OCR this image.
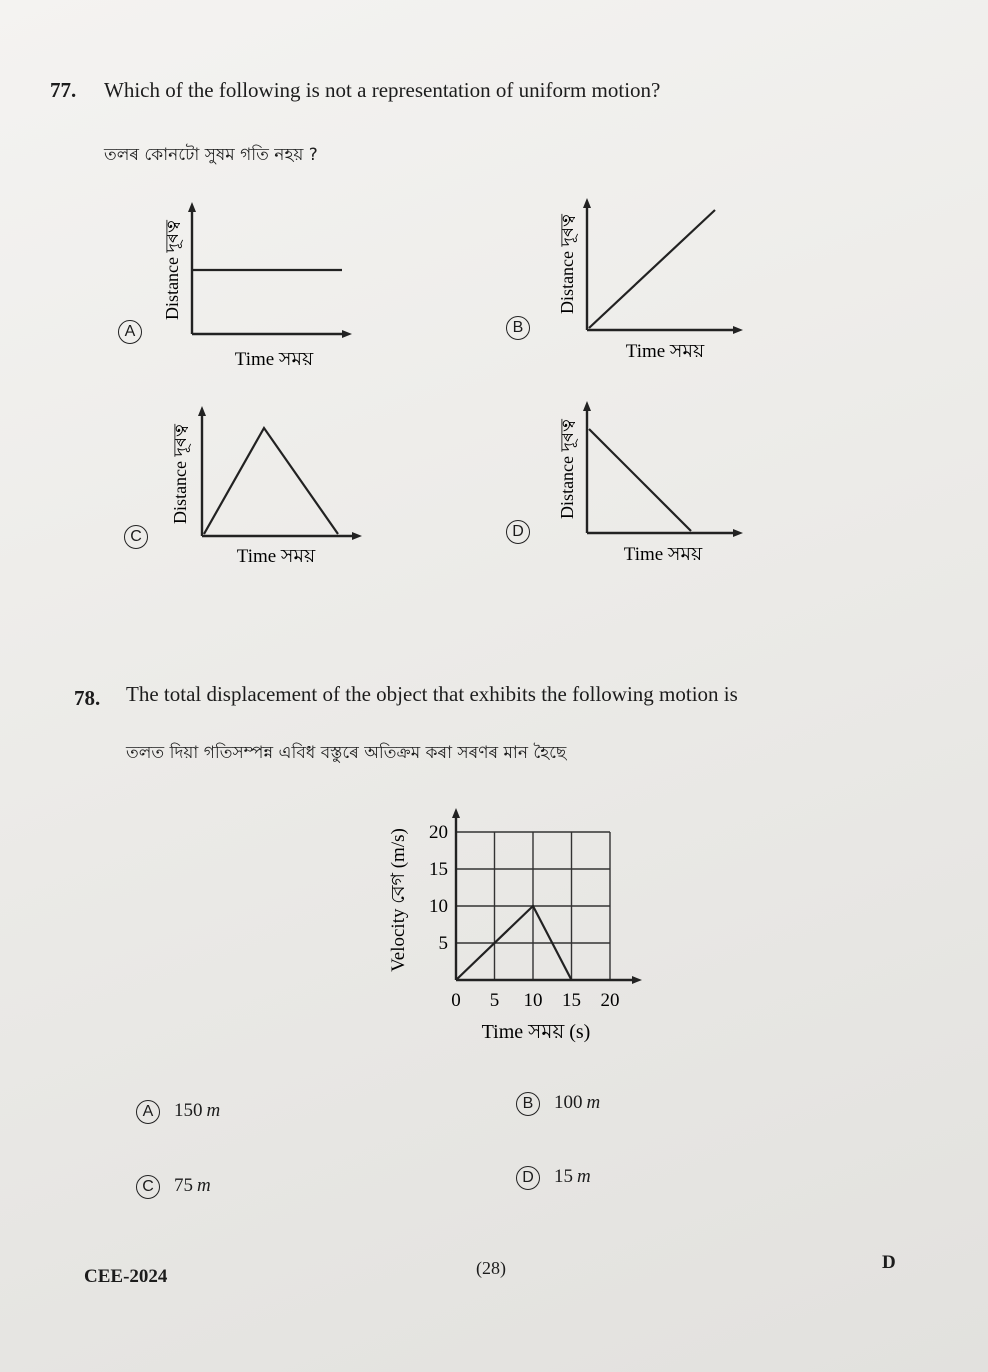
77. Which of the following is not a representation of uniform motion?
তলৰ কোনটো সুষম গতি নহয় ?
A
Distance দূৰত্ব
Time সময়
B
Distance দূৰত্ব
Time সময়
C
Distance দূৰত্ব
Time সময়
D
Distance দূৰত্ব
Time সময়
78. The total displacement of the object that exhibits the following motion is
তলত দিয়া গতিসম্পন্ন এবিধ বস্তুৰে অতিক্ৰম কৰা সৰণৰ মান হৈছে
0 5 10 15 20
5
10
15
20
Velocity বেগ (m/s)
Time সময় (s)
A 150 m	B 100 m
C 75 m	D 15 m
CEE-2024	(28)	D
